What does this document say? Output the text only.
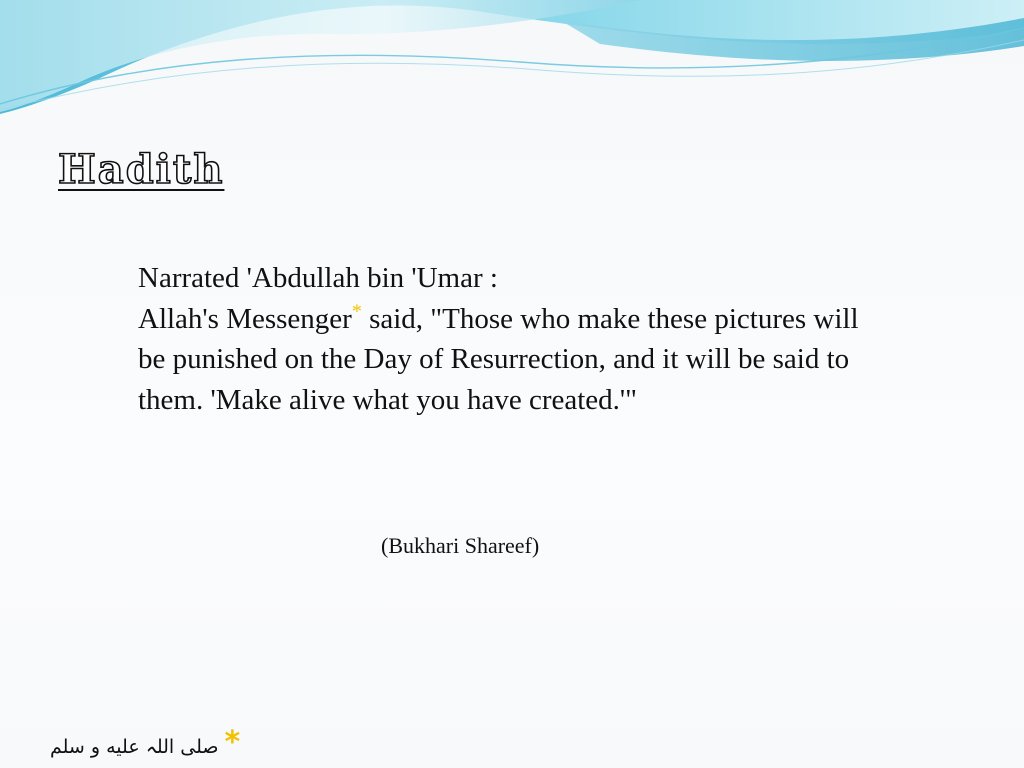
Hadith

Narrated 'Abdullah bin 'Umar :

Allah's Messenger* said, "Those who make these pictures will be punished on the Day of Resurrection, and it will be said to them. 'Make alive what you have created.'"

(Bukhari Shareef)
صلی اللہ علیه و سلم *
